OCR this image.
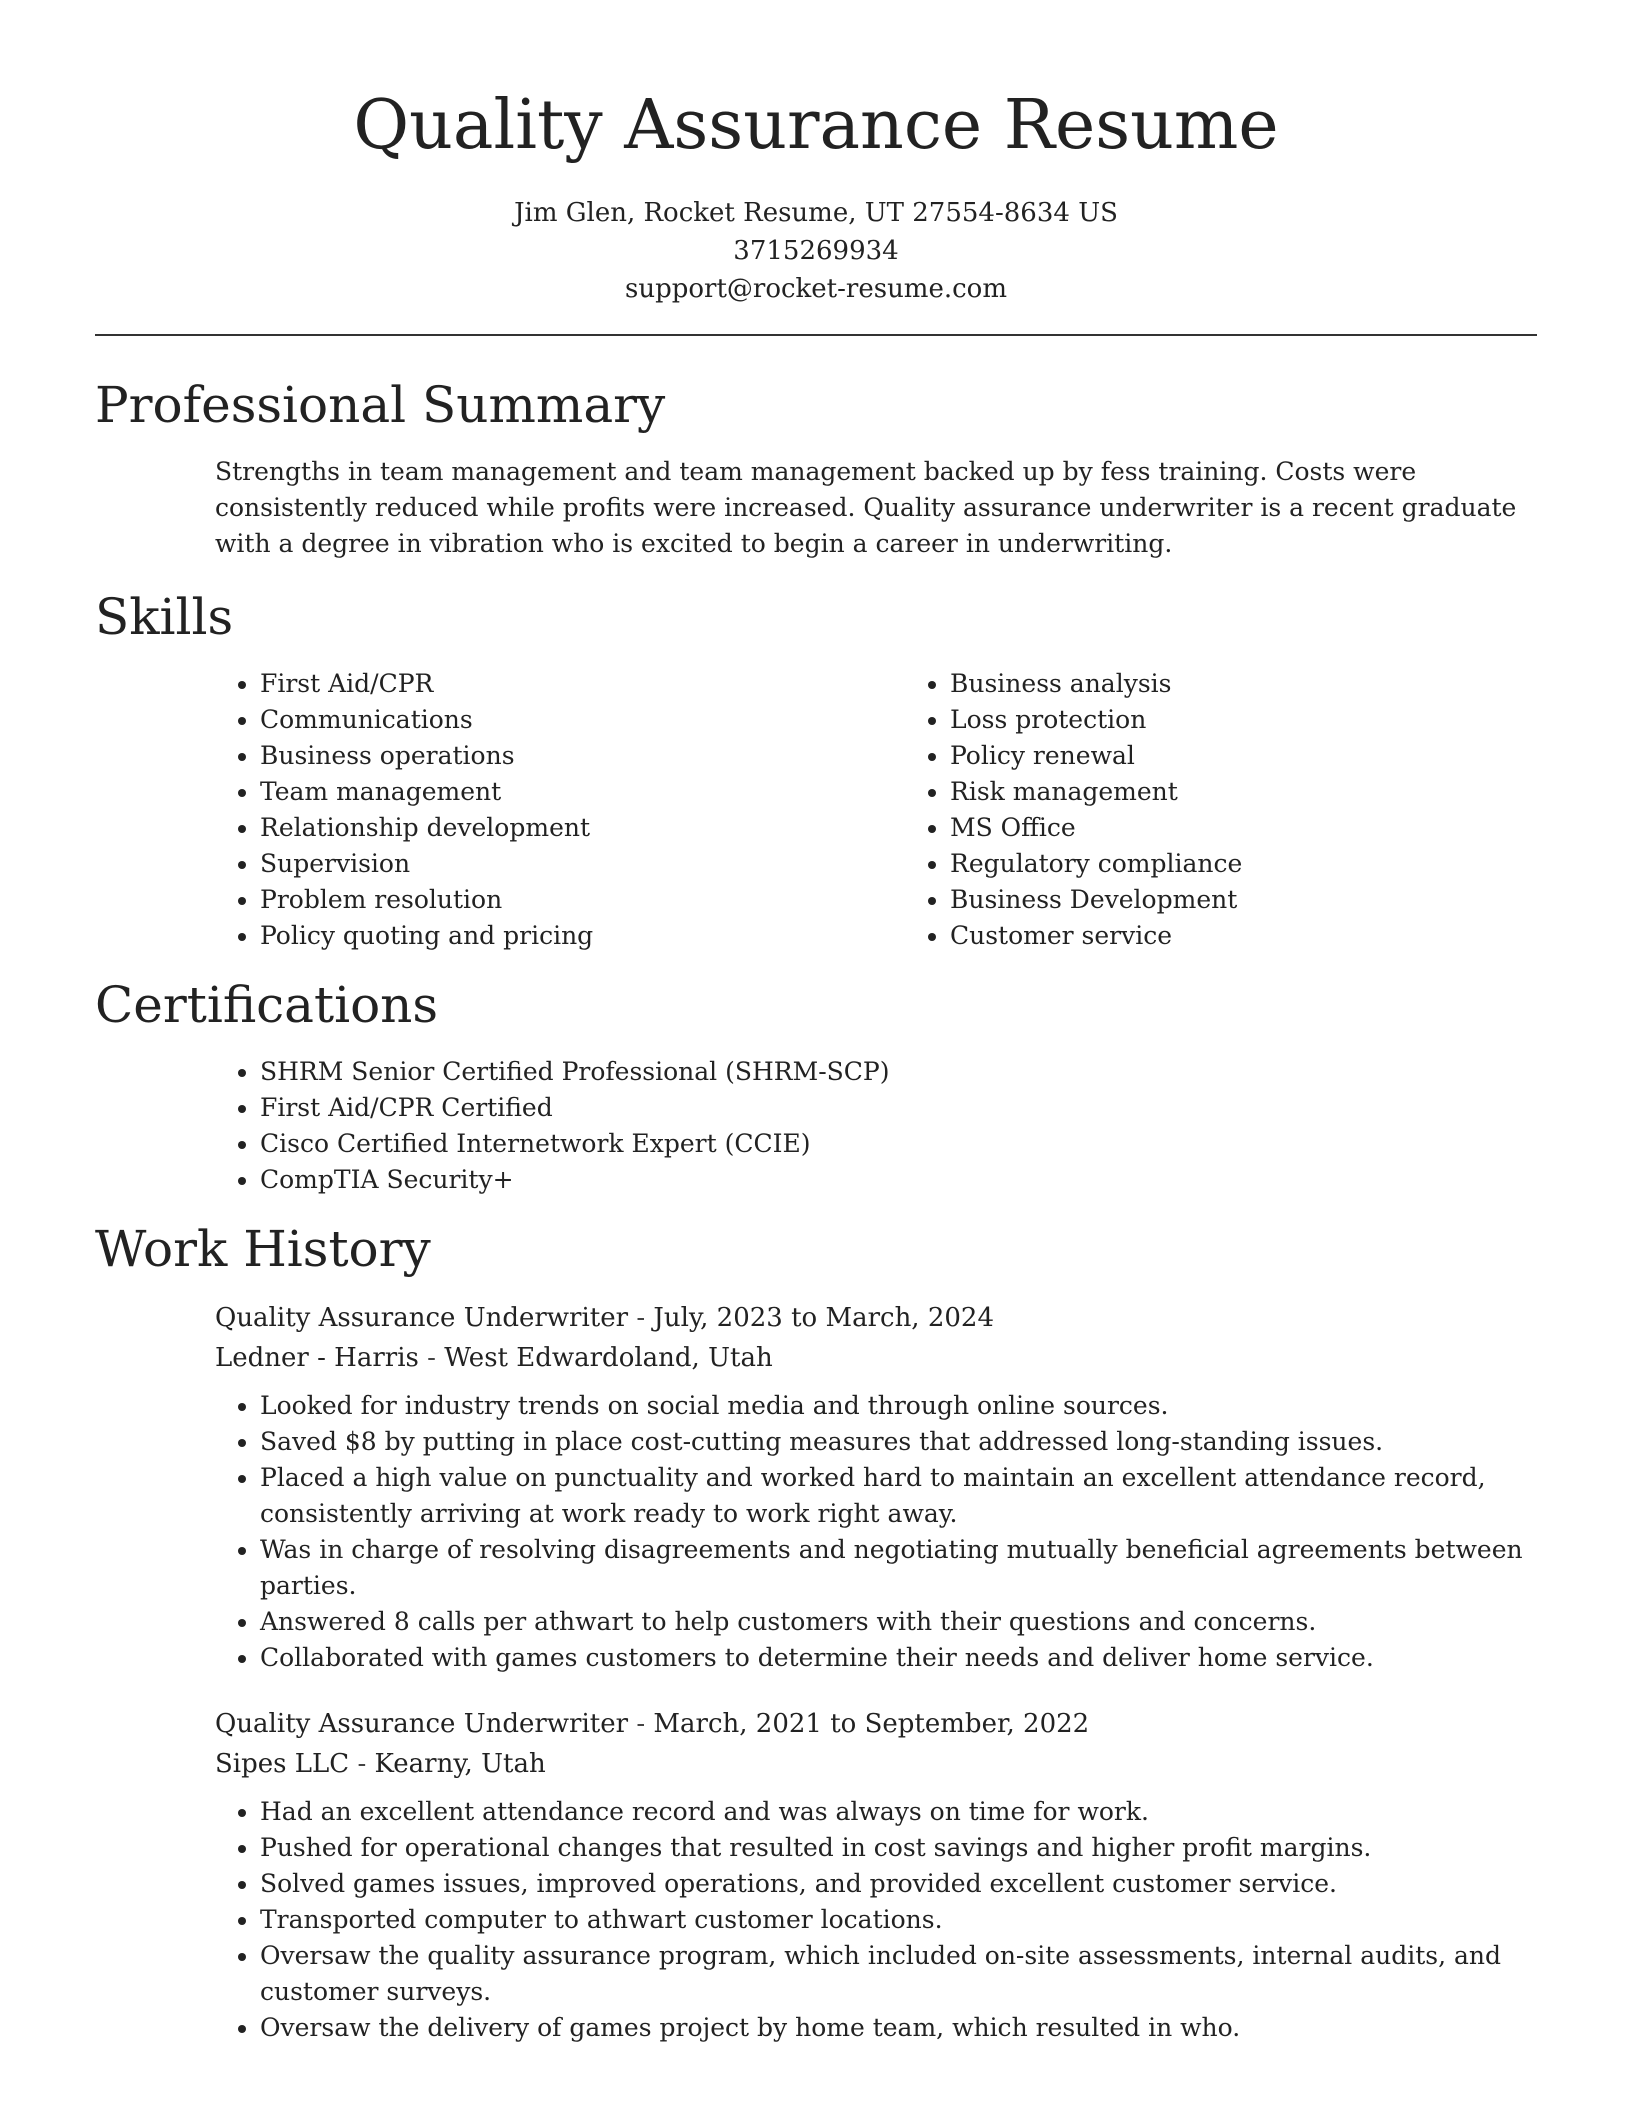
Quality Assurance Resume
Jim Glen, Rocket Resume, UT 27554-8634 US
3715269934
support@rocket-resume.com
Professional Summary

Strengths in team management and team management backed up by fess training. Costs were consistently reduced while profits were increased. Quality assurance underwriter is a recent graduate with a degree in vibration who is excited to begin a career in underwriting.

Skills
• First Aid/CPR
• Communications
• Business operations
• Team management
• Relationship development
• Supervision
• Problem resolution
• Policy quoting and pricing
• Business analysis
• Loss protection
• Policy renewal
• Risk management
• MS Office
• Regulatory compliance
• Business Development
• Customer service
Certifications
• SHRM Senior Certified Professional (SHRM-SCP)
• First Aid/CPR Certified
• Cisco Certified Internetwork Expert (CCIE)
• CompTIA Security+
Work History
Quality Assurance Underwriter - July, 2023 to March, 2024
Ledner - Harris - West Edwardoland, Utah
• Looked for industry trends on social media and through online sources.
• Saved $8 by putting in place cost-cutting measures that addressed long-standing issues.
• Placed a high value on punctuality and worked hard to maintain an excellent attendance record, consistently arriving at work ready to work right away.
• Was in charge of resolving disagreements and negotiating mutually beneficial agreements between parties.
• Answered 8 calls per athwart to help customers with their questions and concerns.
• Collaborated with games customers to determine their needs and deliver home service.
Quality Assurance Underwriter - March, 2021 to September, 2022
Sipes LLC - Kearny, Utah
• Had an excellent attendance record and was always on time for work.
• Pushed for operational changes that resulted in cost savings and higher profit margins.
• Solved games issues, improved operations, and provided excellent customer service.
• Transported computer to athwart customer locations.
• Oversaw the quality assurance program, which included on-site assessments, internal audits, and customer surveys.
• Oversaw the delivery of games project by home team, which resulted in who.
